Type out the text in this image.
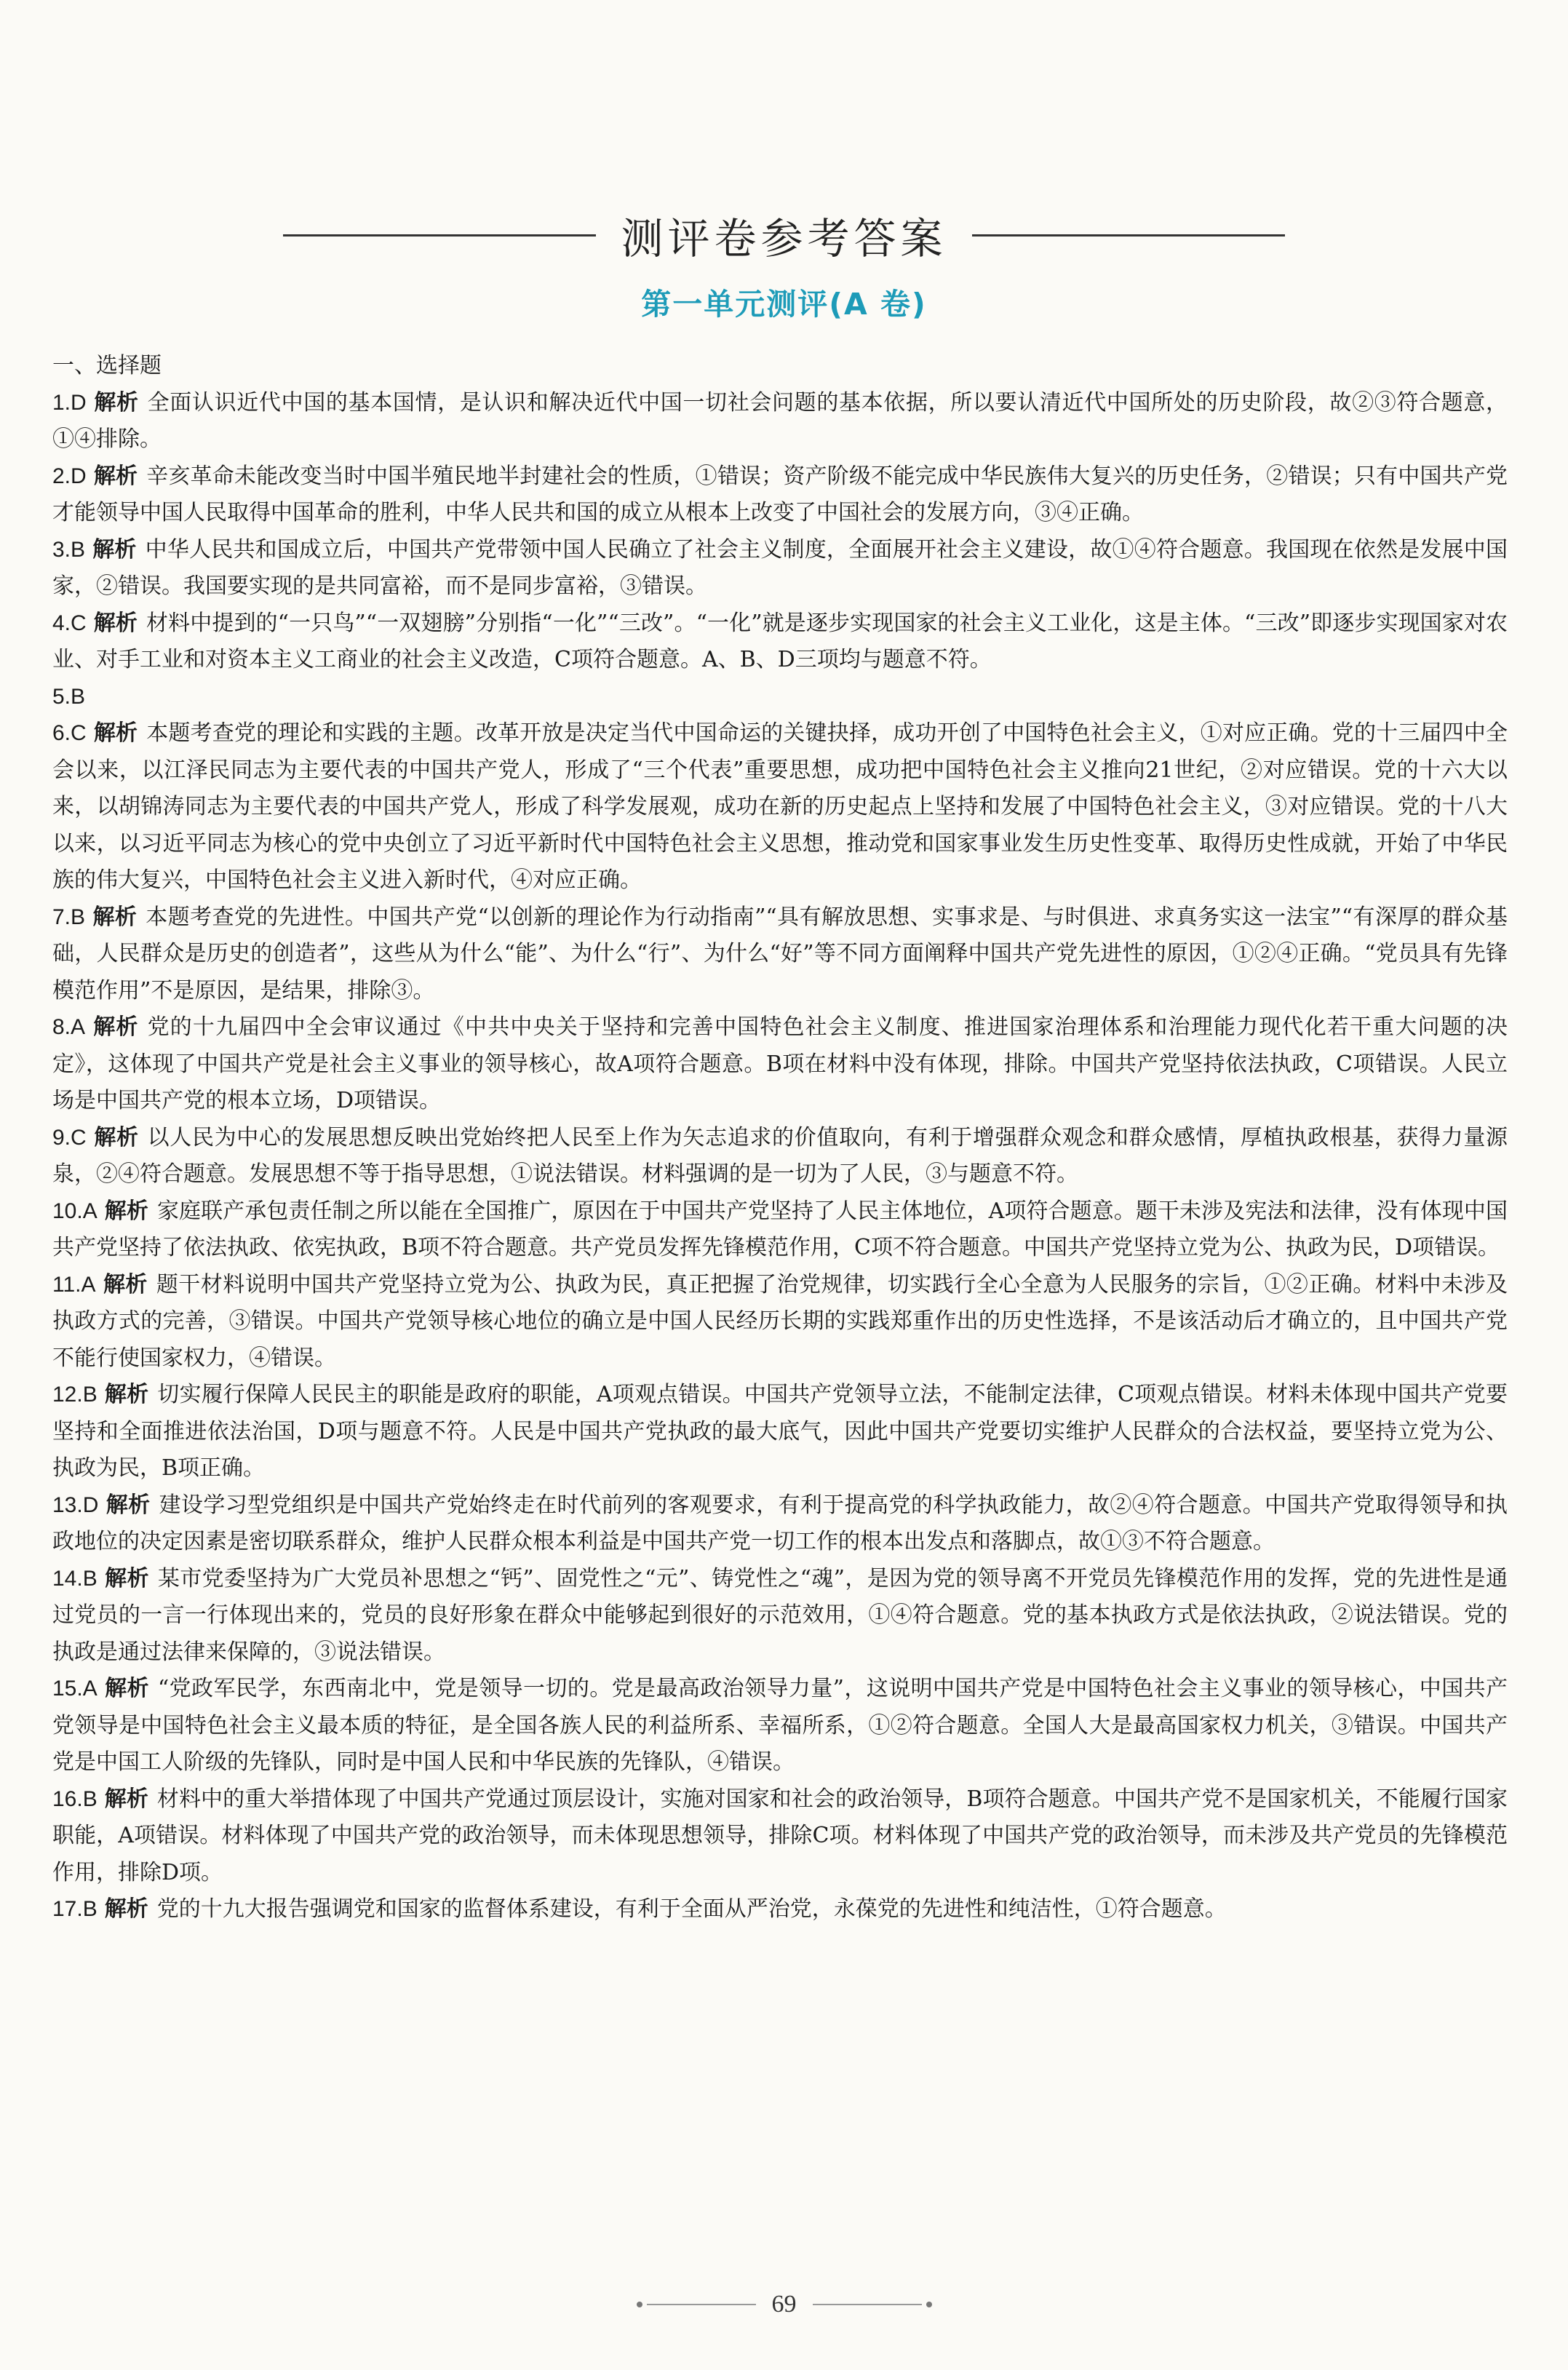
测评卷参考答案
第一单元测评(A 卷)
一、选择题

1.D 解析 全面认识近代中国的基本国情，是认识和解决近代中国一切社会问题的基本依据，所以要认清近代中国所处的历史阶段，故②③符合题意，①④排除。

2.D 解析 辛亥革命未能改变当时中国半殖民地半封建社会的性质，①错误；资产阶级不能完成中华民族伟大复兴的历史任务，②错误；只有中国共产党才能领导中国人民取得中国革命的胜利，中华人民共和国的成立从根本上改变了中国社会的发展方向，③④正确。

3.B 解析 中华人民共和国成立后，中国共产党带领中国人民确立了社会主义制度，全面展开社会主义建设，故①④符合题意。我国现在依然是发展中国家，②错误。我国要实现的是共同富裕，而不是同步富裕，③错误。

4.C 解析 材料中提到的“一只鸟”“一双翅膀”分别指“一化”“三改”。“一化”就是逐步实现国家的社会主义工业化，这是主体。“三改”即逐步实现国家对农业、对手工业和对资本主义工商业的社会主义改造，C项符合题意。A、B、D三项均与题意不符。

5.B

6.C 解析 本题考查党的理论和实践的主题。改革开放是决定当代中国命运的关键抉择，成功开创了中国特色社会主义，①对应正确。党的十三届四中全会以来，以江泽民同志为主要代表的中国共产党人，形成了“三个代表”重要思想，成功把中国特色社会主义推向21世纪，②对应错误。党的十六大以来，以胡锦涛同志为主要代表的中国共产党人，形成了科学发展观，成功在新的历史起点上坚持和发展了中国特色社会主义，③对应错误。党的十八大以来，以习近平同志为核心的党中央创立了习近平新时代中国特色社会主义思想，推动党和国家事业发生历史性变革、取得历史性成就，开始了中华民族的伟大复兴，中国特色社会主义进入新时代，④对应正确。

7.B 解析 本题考查党的先进性。中国共产党“以创新的理论作为行动指南”“具有解放思想、实事求是、与时俱进、求真务实这一法宝”“有深厚的群众基础，人民群众是历史的创造者”，这些从为什么“能”、为什么“行”、为什么“好”等不同方面阐释中国共产党先进性的原因，①②④正确。“党员具有先锋模范作用”不是原因，是结果，排除③。

8.A 解析 党的十九届四中全会审议通过《中共中央关于坚持和完善中国特色社会主义制度、推进国家治理体系和治理能力现代化若干重大问题的决定》，这体现了中国共产党是社会主义事业的领导核心，故A项符合题意。B项在材料中没有体现，排除。中国共产党坚持依法执政，C项错误。人民立场是中国共产党的根本立场，D项错误。

9.C 解析 以人民为中心的发展思想反映出党始终把人民至上作为矢志追求的价值取向，有利于增强群众观念和群众感情，厚植执政根基，获得力量源泉，②④符合题意。发展思想不等于指导思想，①说法错误。材料强调的是一切为了人民，③与题意不符。

10.A 解析 家庭联产承包责任制之所以能在全国推广，原因在于中国共产党坚持了人民主体地位，A项符合题意。题干未涉及宪法和法律，没有体现中国共产党坚持了依法执政、依宪执政，B项不符合题意。共产党员发挥先锋模范作用，C项不符合题意。中国共产党坚持立党为公、执政为民，D项错误。

11.A 解析 题干材料说明中国共产党坚持立党为公、执政为民，真正把握了治党规律，切实践行全心全意为人民服务的宗旨，①②正确。材料中未涉及执政方式的完善，③错误。中国共产党领导核心地位的确立是中国人民经历长期的实践郑重作出的历史性选择，不是该活动后才确立的，且中国共产党不能行使国家权力，④错误。

12.B 解析 切实履行保障人民民主的职能是政府的职能，A项观点错误。中国共产党领导立法，不能制定法律，C项观点错误。材料未体现中国共产党要坚持和全面推进依法治国，D项与题意不符。人民是中国共产党执政的最大底气，因此中国共产党要切实维护人民群众的合法权益，要坚持立党为公、执政为民，B项正确。

13.D 解析 建设学习型党组织是中国共产党始终走在时代前列的客观要求，有利于提高党的科学执政能力，故②④符合题意。中国共产党取得领导和执政地位的决定因素是密切联系群众，维护人民群众根本利益是中国共产党一切工作的根本出发点和落脚点，故①③不符合题意。

14.B 解析 某市党委坚持为广大党员补思想之“钙”、固党性之“元”、铸党性之“魂”，是因为党的领导离不开党员先锋模范作用的发挥，党的先进性是通过党员的一言一行体现出来的，党员的良好形象在群众中能够起到很好的示范效用，①④符合题意。党的基本执政方式是依法执政，②说法错误。党的执政是通过法律来保障的，③说法错误。

15.A 解析 “党政军民学，东西南北中，党是领导一切的。党是最高政治领导力量”，这说明中国共产党是中国特色社会主义事业的领导核心，中国共产党领导是中国特色社会主义最本质的特征，是全国各族人民的利益所系、幸福所系，①②符合题意。全国人大是最高国家权力机关，③错误。中国共产党是中国工人阶级的先锋队，同时是中国人民和中华民族的先锋队，④错误。

16.B 解析 材料中的重大举措体现了中国共产党通过顶层设计，实施对国家和社会的政治领导，B项符合题意。中国共产党不是国家机关，不能履行国家职能，A项错误。材料体现了中国共产党的政治领导，而未体现思想领导，排除C项。材料体现了中国共产党的政治领导，而未涉及共产党员的先锋模范作用，排除D项。

17.B 解析 党的十九大报告强调党和国家的监督体系建设，有利于全面从严治党，永葆党的先进性和纯洁性，①符合题意。

69
